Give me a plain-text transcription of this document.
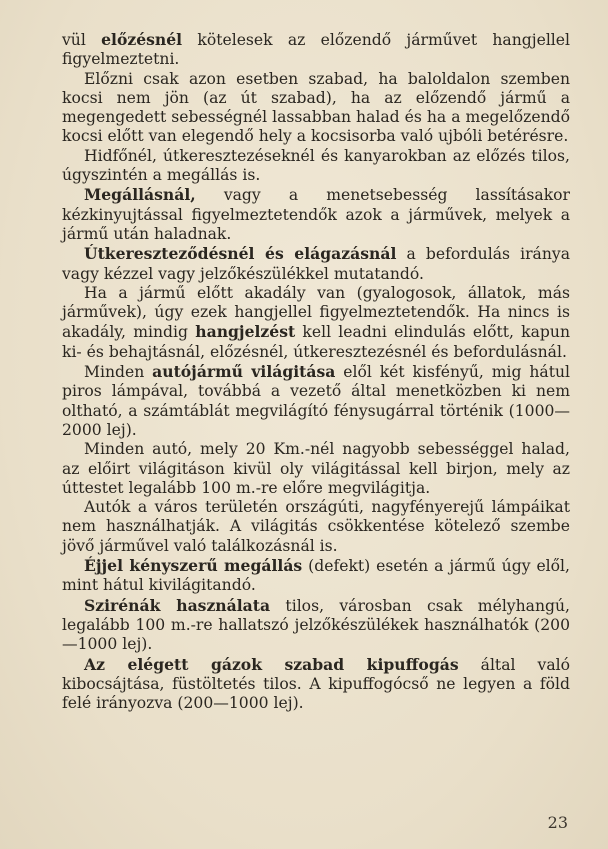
vül előzésnél kötelesek az előzendő járművet hangjellel figyelmeztetni.

Előzni csak azon esetben szabad, ha baloldalon szemben kocsi nem jön (az út szabad), ha az előzendő jármű a megengedett sebességnél lassabban halad és ha a megelőzendő kocsi előtt van elegendő hely a kocsisorba való ujbóli betérésre.

Hidfőnél, útkeresztezéseknél és kanyarokban az előzés tilos, úgyszintén a megállás is.

Megállásnál, vagy a menetsebesség lassításakor kézkinyujtással figyelmeztetendők azok a járművek, melyek a jármű után haladnak.

Útkereszteződésnél és elágazásnál a befordulás iránya vagy kézzel vagy jelzőkészülékkel mutatandó.

Ha a jármű előtt akadály van (gyalogosok, állatok, más járművek), úgy ezek hangjellel figyelmeztetendők. Ha nincs is akadály, mindig hangjelzést kell leadni elindulás előtt, kapun ki- és behajtásnál, előzésnél, útkeresztezésnél és befordulásnál.

Minden autójármű világitása elől két kisfényű, mig hátul piros lámpával, továbbá a vezető által menetközben ki nem oltható, a számtáblát megvilágító fénysugárral történik (1000—2000 lej).

Minden autó, mely 20 Km.-nél nagyobb sebességgel halad, az előirt világitáson kivül oly világitással kell birjon, mely az úttestet legalább 100 m.-re előre megvilágitja.

Autók a város területén országúti, nagyfényerejű lámpáikat nem használhatják. A világitás csökkentése kötelező szembe jövő járművel való találkozásnál is.

Éjjel kényszerű megállás (defekt) esetén a jármű úgy elől, mint hátul kivilágitandó.

Szirénák használata tilos, városban csak mélyhangú, legalább 100 m.-re hallatszó jelzőkészülékek használhatók (200—1000 lej).

Az elégett gázok szabad kipuffogás által való kibocsájtása, füstöltetés tilos. A kipuffogócső ne legyen a föld felé irányozva (200—1000 lej).

23
